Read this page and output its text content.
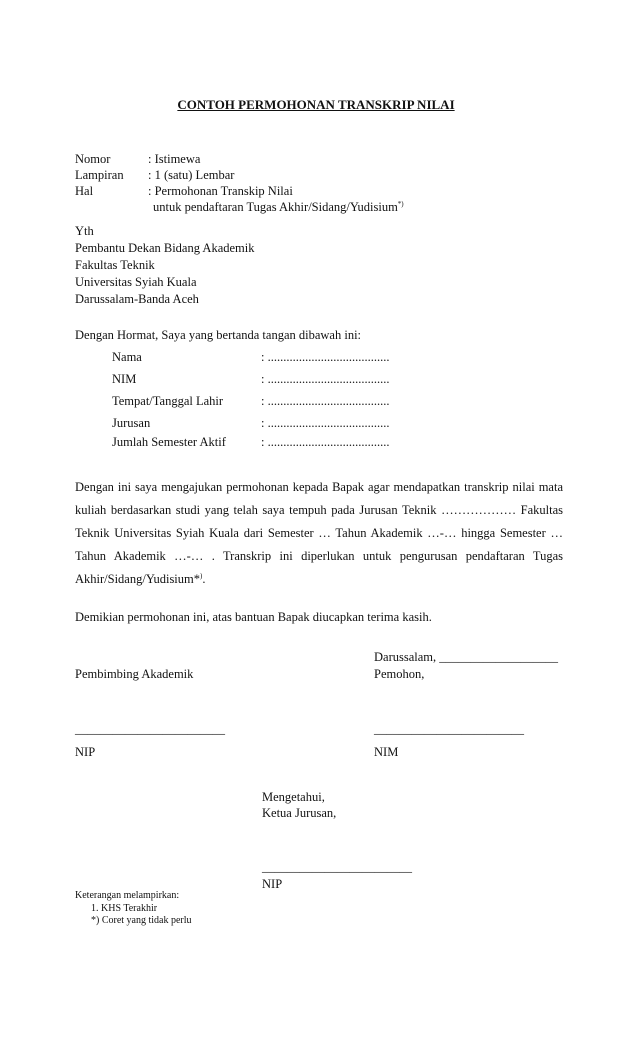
CONTOH PERMOHONAN TRANSKRIP NILAI
Nomor	: Istimewa
Lampiran : 1 (satu) Lembar
Hal	: Permohonan Transkip Nilai
untuk pendaftaran Tugas Akhir/Sidang/Yudisium*)
Yth
Pembantu Dekan Bidang Akademik
Fakultas Teknik
Universitas Syiah Kuala
Darussalam-Banda Aceh
Dengan Hormat, Saya yang bertanda tangan dibawah ini:
Nama	: .......................................
NIM	: .......................................
Tempat/Tanggal Lahir	: .......................................
Jurusan	: .......................................
Jumlah Semester Aktif	: .......................................
Dengan ini saya mengajukan permohonan kepada Bapak agar mendapatkan transkrip nilai mata kuliah berdasarkan studi yang telah saya tempuh pada Jurusan Teknik ……………… Fakultas Teknik Universitas Syiah Kuala dari Semester … Tahun Akademik …-… hingga Semester … Tahun Akademik …-… . Transkrip ini diperlukan untuk pengurusan pendaftaran Tugas Akhir/Sidang/Yudisium*).
Demikian permohonan ini, atas bantuan Bapak diucapkan terima kasih.
Darussalam, ___________________
Pembimbing Akademik	Pemohon,
________________________	________________________
NIP	NIM
Mengetahui,
Ketua Jurusan,
________________________
NIP
Keterangan melampirkan:
1. KHS Terakhir
*) Coret yang tidak perlu
